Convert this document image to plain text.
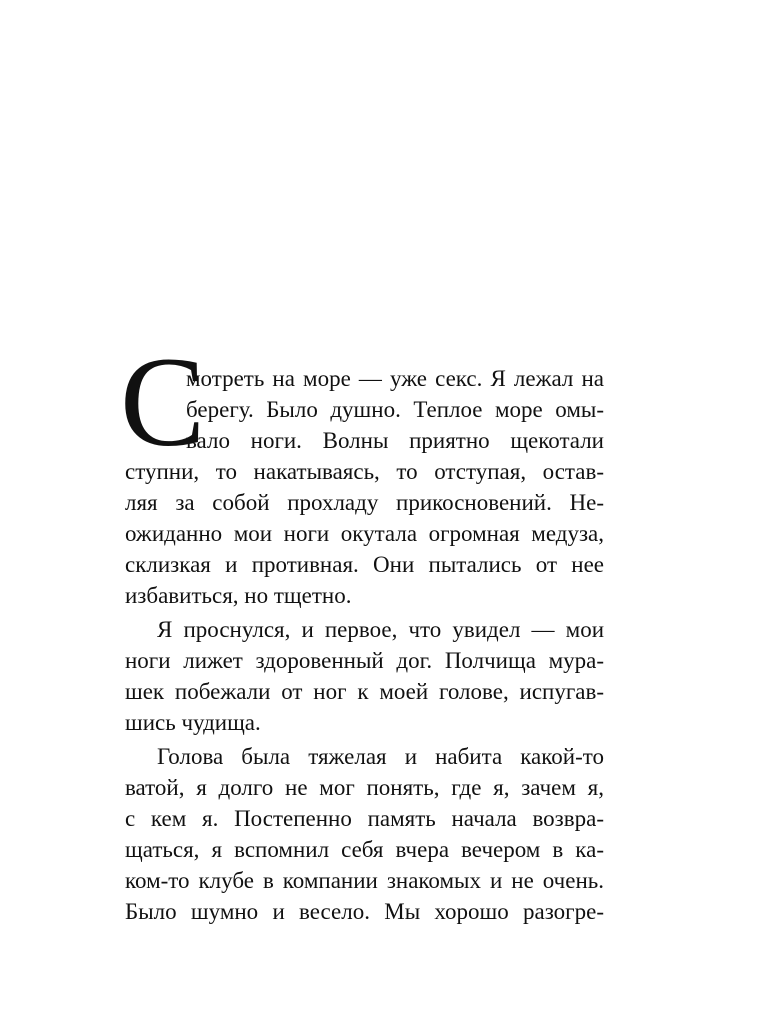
С
мотреть на море — уже секс. Я лежал на
берегу. Было душно. Теплое море омы-
вало ноги. Волны приятно щекотали
ступни, то накатываясь, то отступая, остав-
ляя за собой прохладу прикосновений. Не-
ожиданно мои ноги окутала огромная медуза,
склизкая и противная. Они пытались от нее
избавиться, но тщетно.
Я проснулся, и первое, что увидел — мои
ноги лижет здоровенный дог. Полчища мура-
шек побежали от ног к моей голове, испугав-
шись чудища.
Голова была тяжелая и набита какой-то
ватой, я долго не мог понять, где я, зачем я,
с кем я. Постепенно память начала возвра-
щаться, я вспомнил себя вчера вечером в ка-
ком-то клубе в компании знакомых и не очень.
Было шумно и весело. Мы хорошо разогре-
